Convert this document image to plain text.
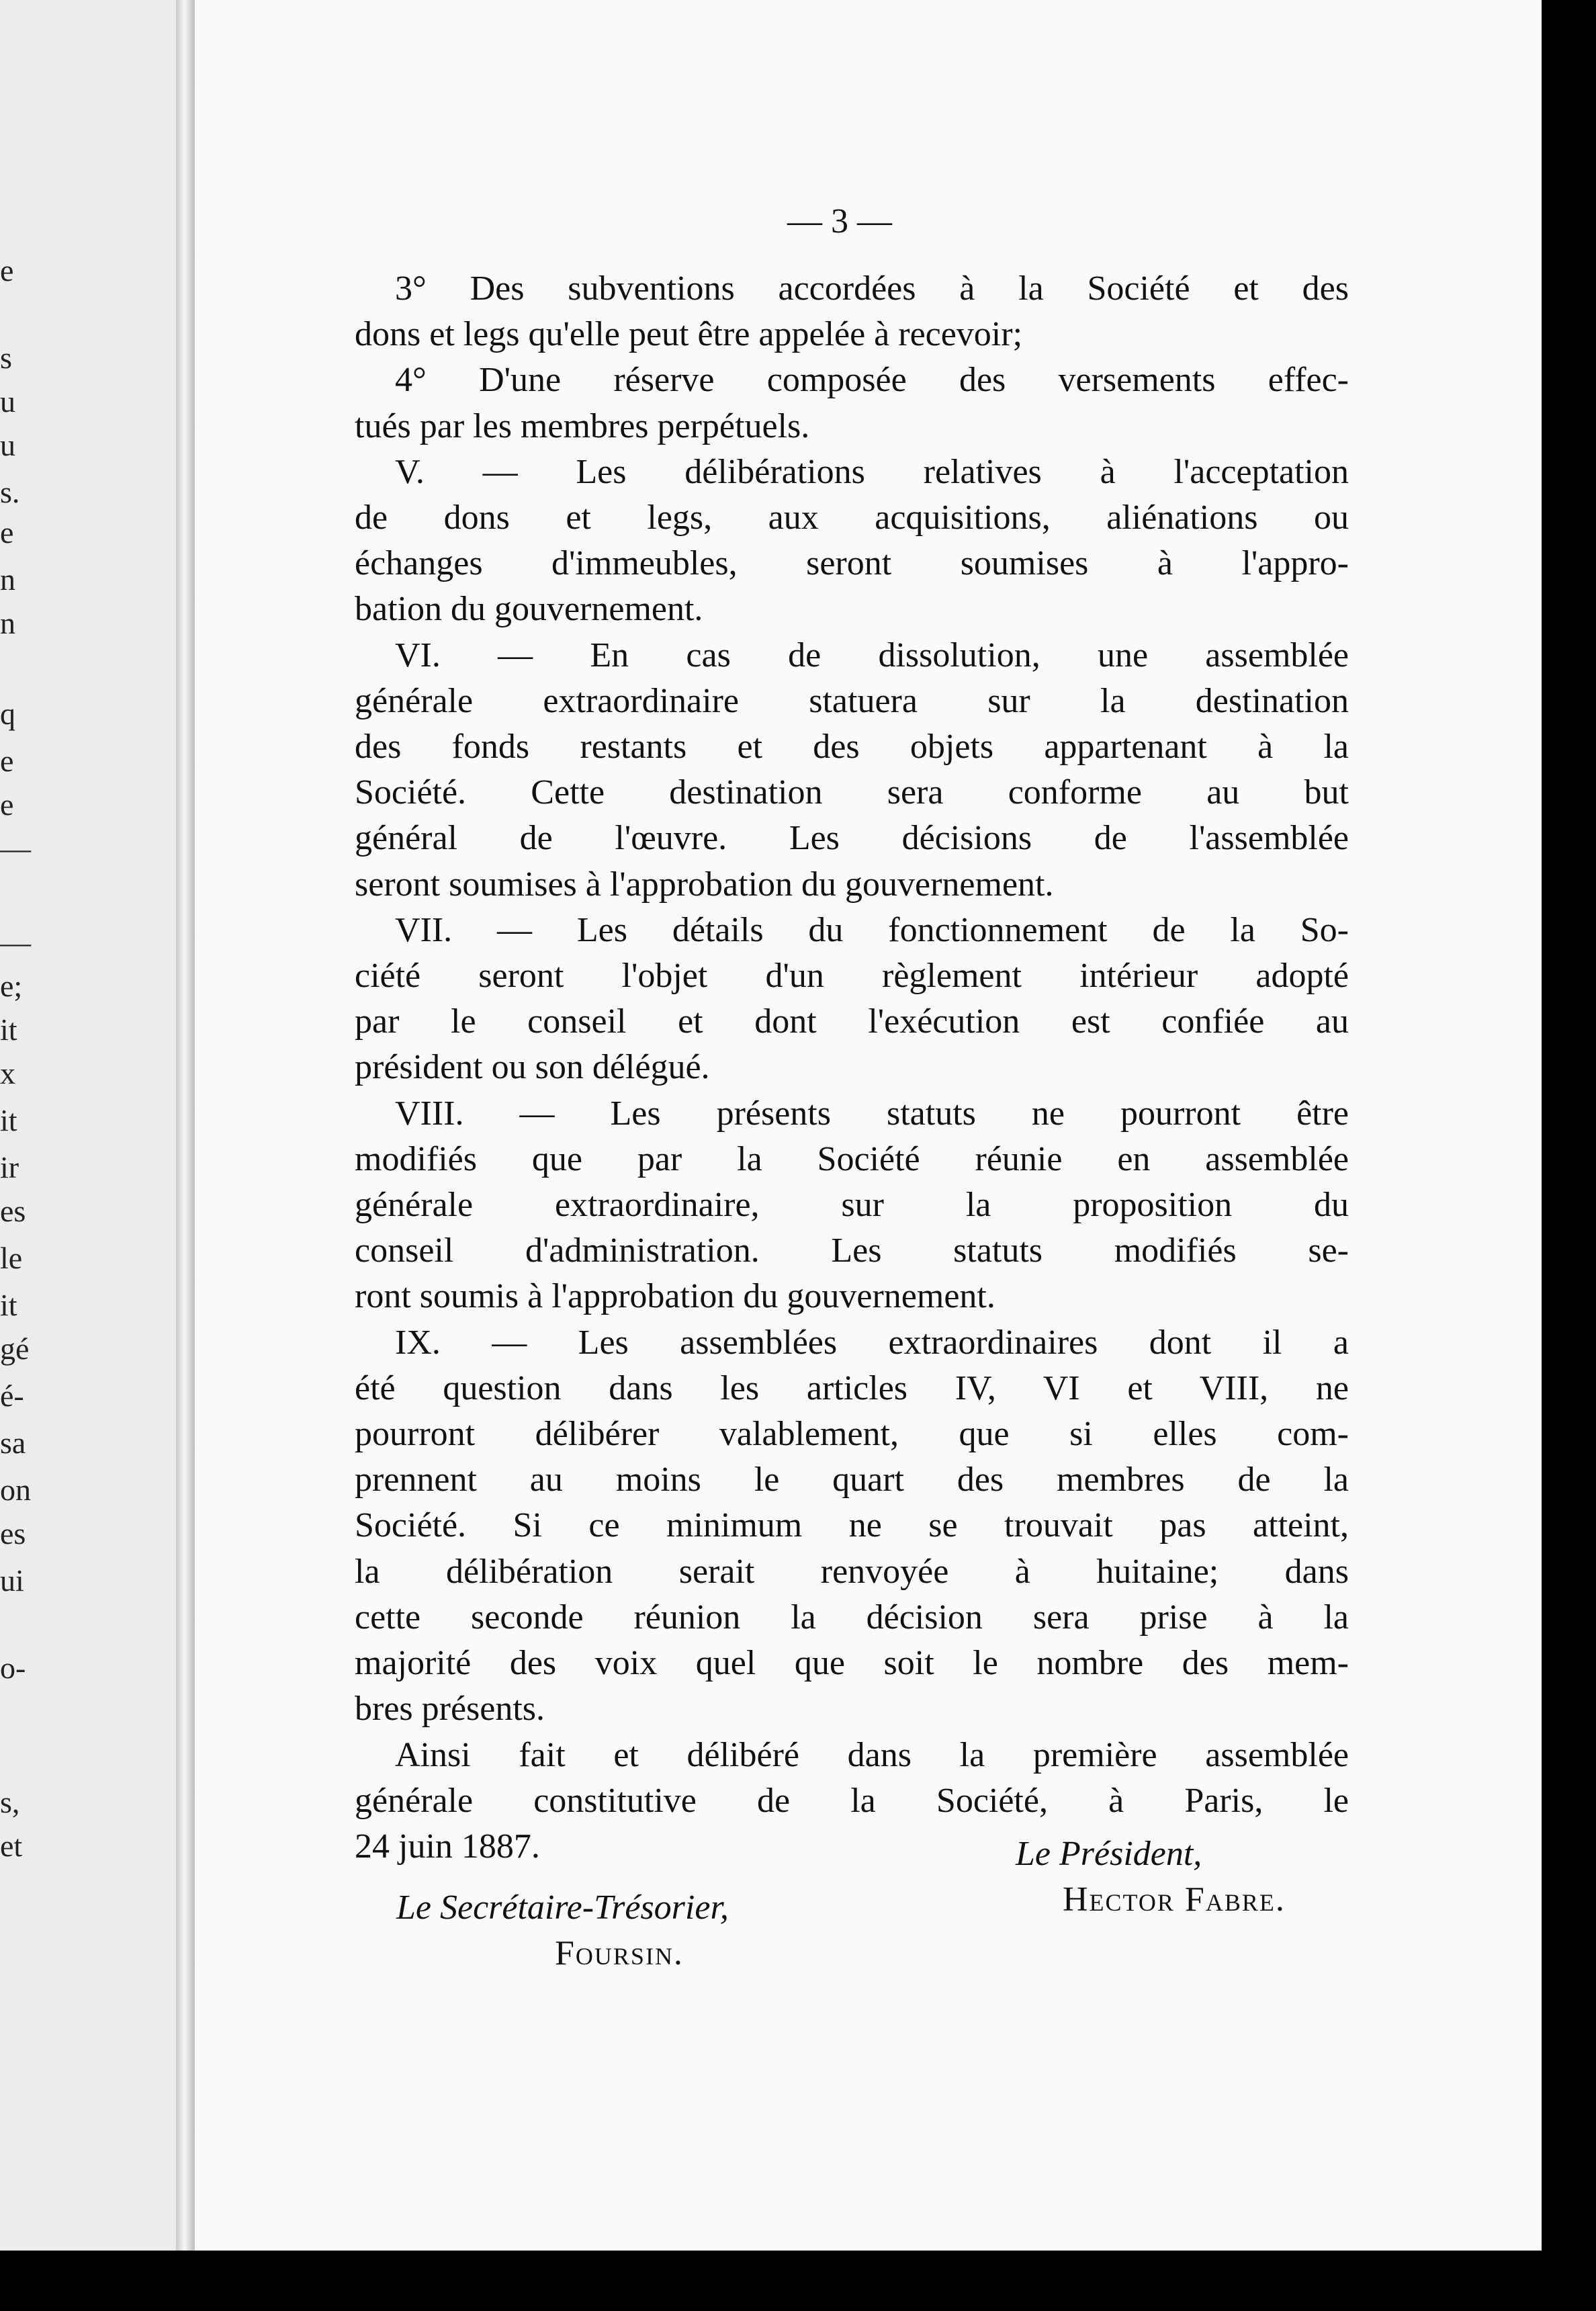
e
s
u
u
s.
e
n
n
q
e
e
—
—
e;
it
x
it
ir
es
le
it
gé
é-
sa
on
es
ui
o-
s,
et
— 3 —
3° Des subventions accordées à la Société et des
dons et legs qu'elle peut être appelée à recevoir;
4° D'une réserve composée des versements effec-
tués par les membres perpétuels.
V. — Les délibérations relatives à l'acceptation
de dons et legs, aux acquisitions, aliénations ou
échanges d'immeubles, seront soumises à l'appro-
bation du gouvernement.
VI. — En cas de dissolution, une assemblée
générale extraordinaire statuera sur la destination
des fonds restants et des objets appartenant à la
Société. Cette destination sera conforme au but
général de l'œuvre. Les décisions de l'assemblée
seront soumises à l'approbation du gouvernement.
VII. — Les détails du fonctionnement de la So-
ciété seront l'objet d'un règlement intérieur adopté
par le conseil et dont l'exécution est confiée au
président ou son délégué.
VIII. — Les présents statuts ne pourront être
modifiés que par la Société réunie en assemblée
générale extraordinaire, sur la proposition du
conseil d'administration. Les statuts modifiés se-
ront soumis à l'approbation du gouvernement.
IX. — Les assemblées extraordinaires dont il a
été question dans les articles IV, VI et VIII, ne
pourront délibérer valablement, que si elles com-
prennent au moins le quart des membres de la
Société. Si ce minimum ne se trouvait pas atteint,
la délibération serait renvoyée à huitaine; dans
cette seconde réunion la décision sera prise à la
majorité des voix quel que soit le nombre des mem-
bres présents.
Ainsi fait et délibéré dans la première assemblée
générale constitutive de la Société, à Paris, le
24 juin 1887.	Le Président,
Hector Fabre.
Le Secrétaire-Trésorier,
Foursin.
